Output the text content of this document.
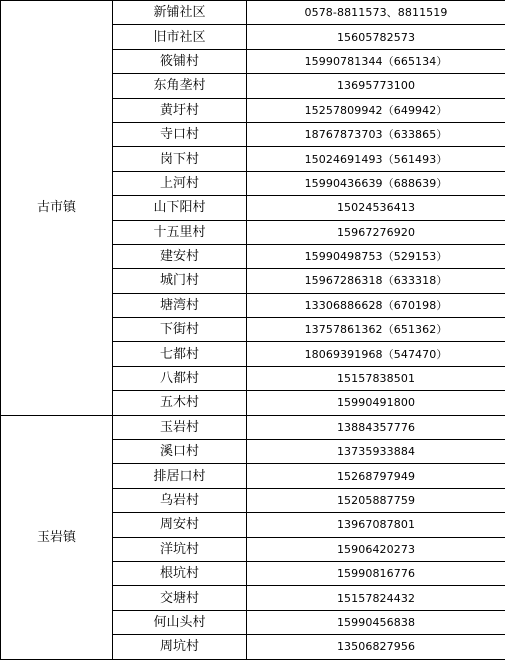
古市镇	新铺社区	0578-8811573、8811519
	旧市社区	15605782573
	筱铺村	15990781344（665134）
	东角垄村	13695773100
	黄圩村	15257809942（649942）
	寺口村	18767873703（633865）
	岗下村	15024691493（561493）
	上河村	15990436639（688639）
	山下阳村	15024536413
	十五里村	15967276920
	建安村	15990498753（529153）
	城门村	15967286318（633318）
	塘湾村	13306886628（670198）
	下街村	13757861362（651362）
	七都村	18069391968（547470）
	八都村	15157838501
	五木村	15990491800
玉岩镇	玉岩村	13884357776
	溪口村	13735933884
	排居口村	15268797949
	乌岩村	15205887759
	周安村	13967087801
	洋坑村	15906420273
	根坑村	15990816776
	交塘村	15157824432
	何山头村	15990456838
	周坑村	13506827956
